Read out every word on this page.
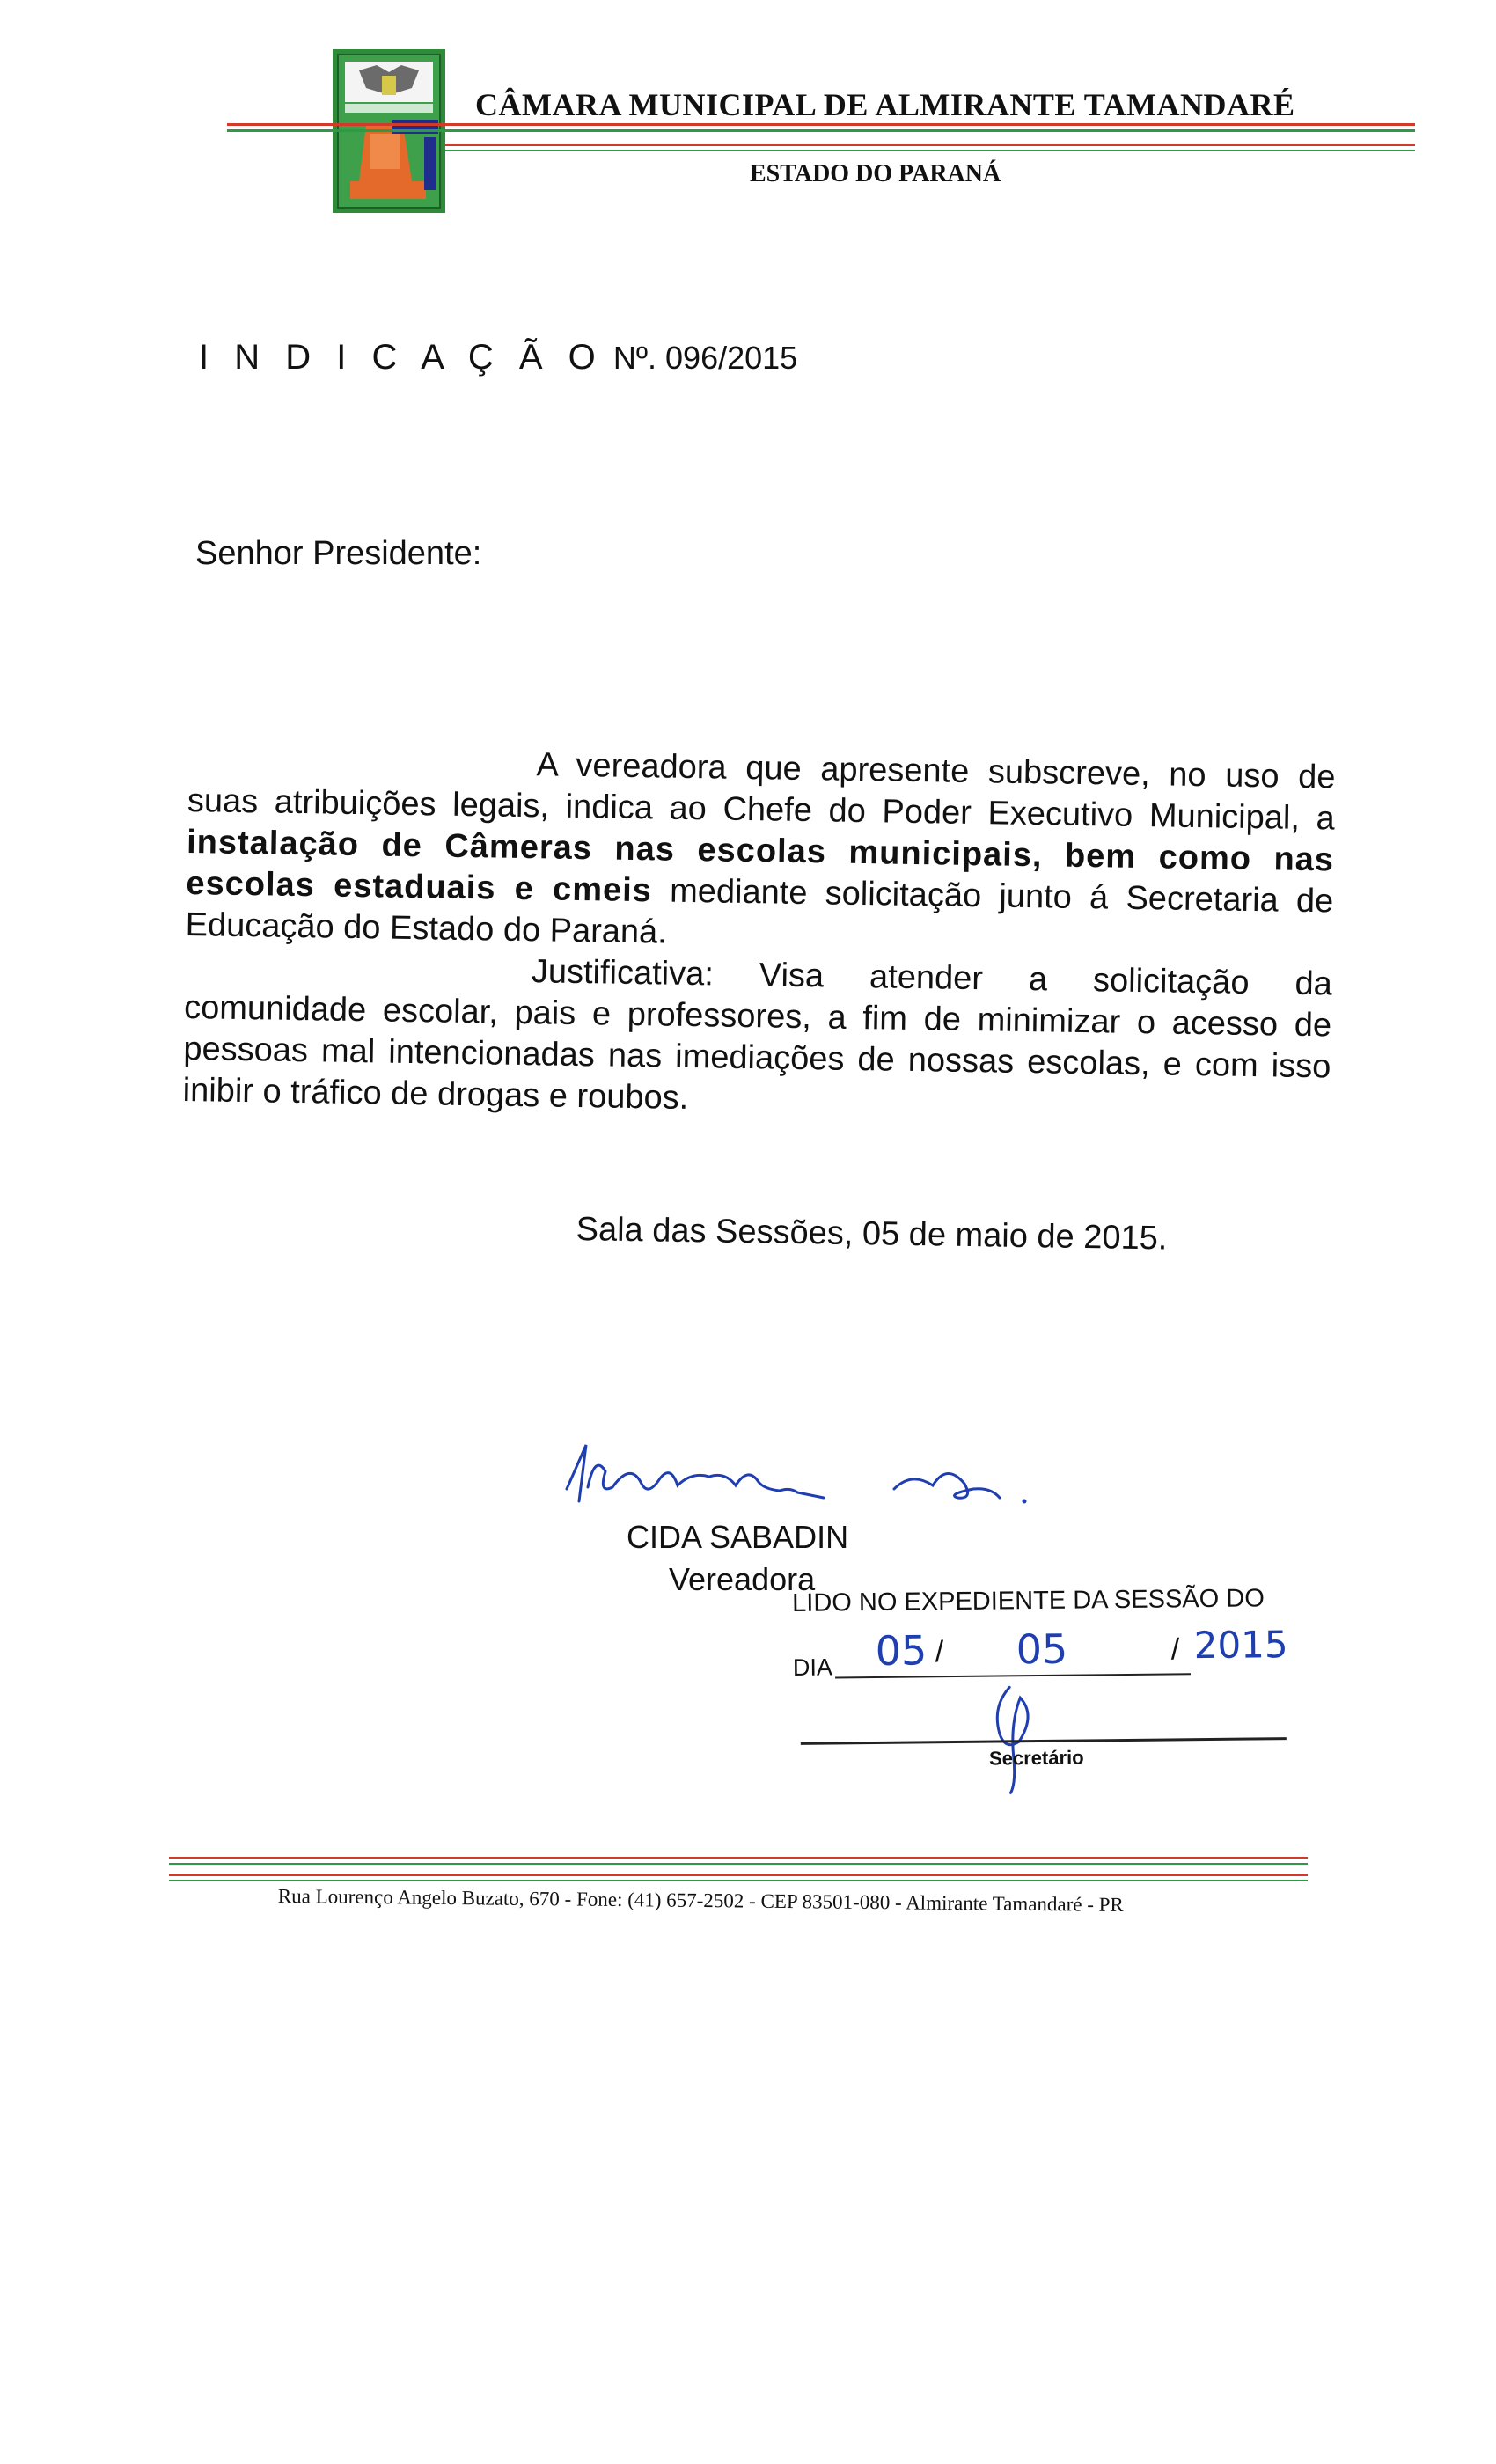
CÂMARA MUNICIPAL DE ALMIRANTE TAMANDARÉ
ESTADO DO PARANÁ
I N D I C A Ç Ã O Nº. 096/2015
Senhor Presidente:

A vereadora que apresente subscreve, no uso de suas atribuições legais, indica ao Chefe do Poder Executivo Municipal, a instalação de Câmeras nas escolas municipais, bem como nas escolas estaduais e cmeis mediante solicitação junto á Secretaria de Educação do Estado do Paraná.

Justificativa: Visa atender a solicitação da comunidade escolar, pais e professores, a fim de minimizar o acesso de pessoas mal intencionadas nas imediações de nossas escolas, e com isso inibir o tráfico de drogas e roubos.

Sala das Sessões, 05 de maio de 2015.
CIDA SABADIN
Vereadora
LIDO NO EXPEDIENTE DA SESSÃO DO
DIA 05 / 05	/ 2015
Secretário
Rua Lourenço Angelo Buzato, 670 - Fone: (41) 657-2502 - CEP 83501-080 - Almirante Tamandaré - PR
